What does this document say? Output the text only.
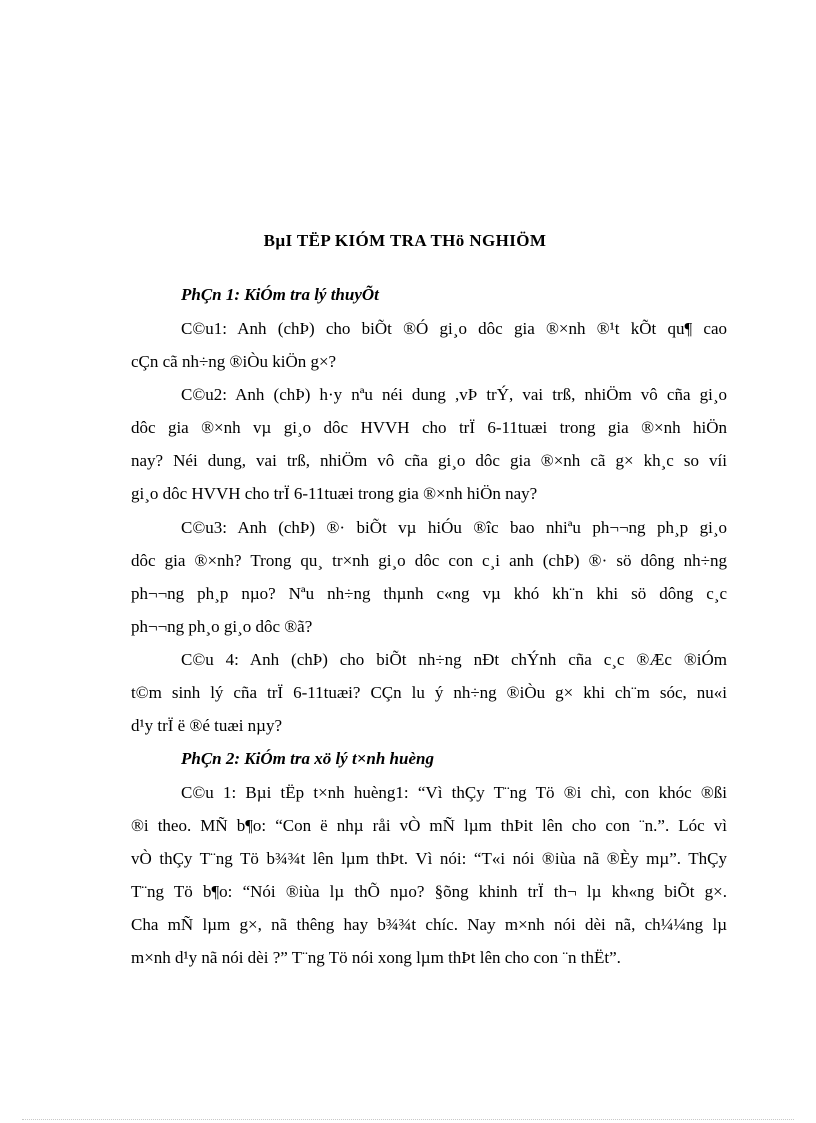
BµI TËP KIÓM TRA THö NGHIÖM
PhÇn 1: KiÓm tra lý thuyÕt
C©u1: Anh (chÞ) cho biÕt ®Ó gi¸o dôc gia ®×nh ®¹t kÕt qu¶ cao
cÇn cã nh÷ng ®iÒu kiÖn g×?
C©u2: Anh (chÞ) h·y nªu néi dung ,vÞ trÝ, vai trß, nhiÖm vô cña gi¸o
dôc gia ®×nh vµ gi¸o dôc HVVH cho trÏ 6-11tuæi trong gia ®×nh hiÖn
nay? Néi dung, vai trß, nhiÖm vô cña gi¸o dôc gia ®×nh cã g× kh¸c so víi
gi¸o dôc HVVH cho trÏ 6-11tuæi trong gia ®×nh hiÖn nay?
C©u3: Anh (chÞ) ®· biÕt vµ hiÓu ®îc bao nhiªu ph¬¬ng ph¸p gi¸o
dôc gia ®×nh? Trong qu¸ tr×nh gi¸o dôc con c¸i anh (chÞ) ®· sö dông nh÷ng
ph¬¬ng ph¸p nµo? Nªu nh÷ng thµnh c«ng vµ khó kh¨n khi sö dông c¸c
ph¬¬ng ph¸o gi¸o dôc ®ã?
C©u 4: Anh (chÞ) cho biÕt nh÷ng nÐt chÝnh cña c¸c ®Æc ®iÓm
t©m sinh lý cña trÏ 6-11tuæi? CÇn lu ý nh÷ng ®iÒu g× khi ch¨m sóc, nu«i
d¹y trÏ ë ®é tuæi nµy?
PhÇn 2: KiÓm tra xö lý t×nh huèng
C©u 1: Bµi tËp t×nh huèng1: “Vì thÇy T¨ng Tö ®i chì, con khóc ®ßi
®i theo. MÑ b¶o: “Con ë nhµ råi vÒ mÑ lµm thÞit lên cho con ¨n.”. Lóc vì
vÒ thÇy T¨ng Tö b¾¾t lên lµm thÞt. Vì nói: “T«i nói ®iùa nã ®Èy mµ”. ThÇy
T¨ng Tö b¶o: “Nói ®iùa lµ thÕ nµo? §õng khinh trÏ th¬ lµ kh«ng biÕt g×.
Cha mÑ lµm g×, nã thêng hay b¾¾t chíc. Nay m×nh nói dèi nã, ch¼¼ng lµ
m×nh d¹y nã nói dèi ?” T¨ng Tö nói xong lµm thÞt lên cho con ¨n thËt”.
